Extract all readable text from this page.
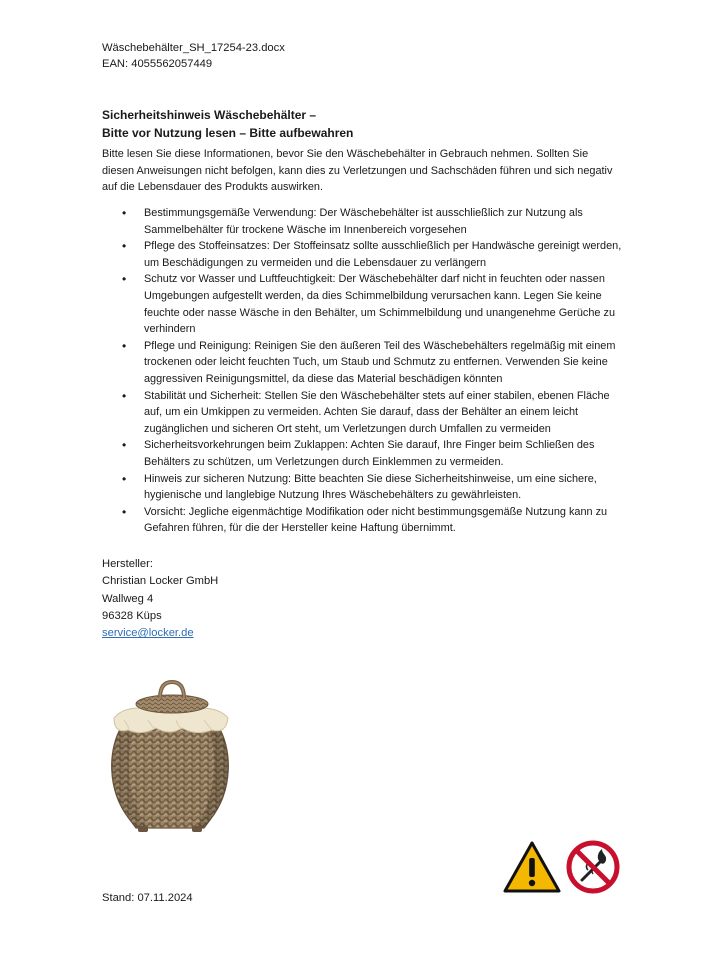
Wäschebehälter_SH_17254-23.docx
EAN: 4055562057449
Sicherheitshinweis Wäschebehälter –
Bitte vor Nutzung lesen – Bitte aufbewahren
Bitte lesen Sie diese Informationen, bevor Sie den Wäschebehälter in Gebrauch nehmen. Sollten Sie diesen Anweisungen nicht befolgen, kann dies zu Verletzungen und Sachschäden führen und sich negativ auf die Lebensdauer des Produkts auswirken.
• Bestimmungsgemäße Verwendung: Der Wäschebehälter ist ausschließlich zur Nutzung als Sammelbehälter für trockene Wäsche im Innenbereich vorgesehen
• Pflege des Stoffeinsatzes: Der Stoffeinsatz sollte ausschließlich per Handwäsche gereinigt werden, um Beschädigungen zu vermeiden und die Lebensdauer zu verlängern
• Schutz vor Wasser und Luftfeuchtigkeit: Der Wäschebehälter darf nicht in feuchten oder nassen Umgebungen aufgestellt werden, da dies Schimmelbildung verursachen kann. Legen Sie keine feuchte oder nasse Wäsche in den Behälter, um Schimmelbildung und unangenehme Gerüche zu verhindern
• Pflege und Reinigung: Reinigen Sie den äußeren Teil des Wäschebehälters regelmäßig mit einem trockenen oder leicht feuchten Tuch, um Staub und Schmutz zu entfernen. Verwenden Sie keine aggressiven Reinigungsmittel, da diese das Material beschädigen könnten
• Stabilität und Sicherheit: Stellen Sie den Wäschebehälter stets auf einer stabilen, ebenen Fläche auf, um ein Umkippen zu vermeiden. Achten Sie darauf, dass der Behälter an einem leicht zugänglichen und sicheren Ort steht, um Verletzungen durch Umfallen zu vermeiden
• Sicherheitsvorkehrungen beim Zuklappen: Achten Sie darauf, Ihre Finger beim Schließen des Behälters zu schützen, um Verletzungen durch Einklemmen zu vermeiden.
• Hinweis zur sicheren Nutzung: Bitte beachten Sie diese Sicherheitshinweise, um eine sichere, hygienische und langlebige Nutzung Ihres Wäschebehälters zu gewährleisten.
• Vorsicht: Jegliche eigenmächtige Modifikation oder nicht bestimmungsgemäße Nutzung kann zu Gefahren führen, für die der Hersteller keine Haftung übernimmt.
Hersteller:
Christian Locker GmbH
Wallweg 4
96328 Küps
service@locker.de
Stand: 07.11.2024
